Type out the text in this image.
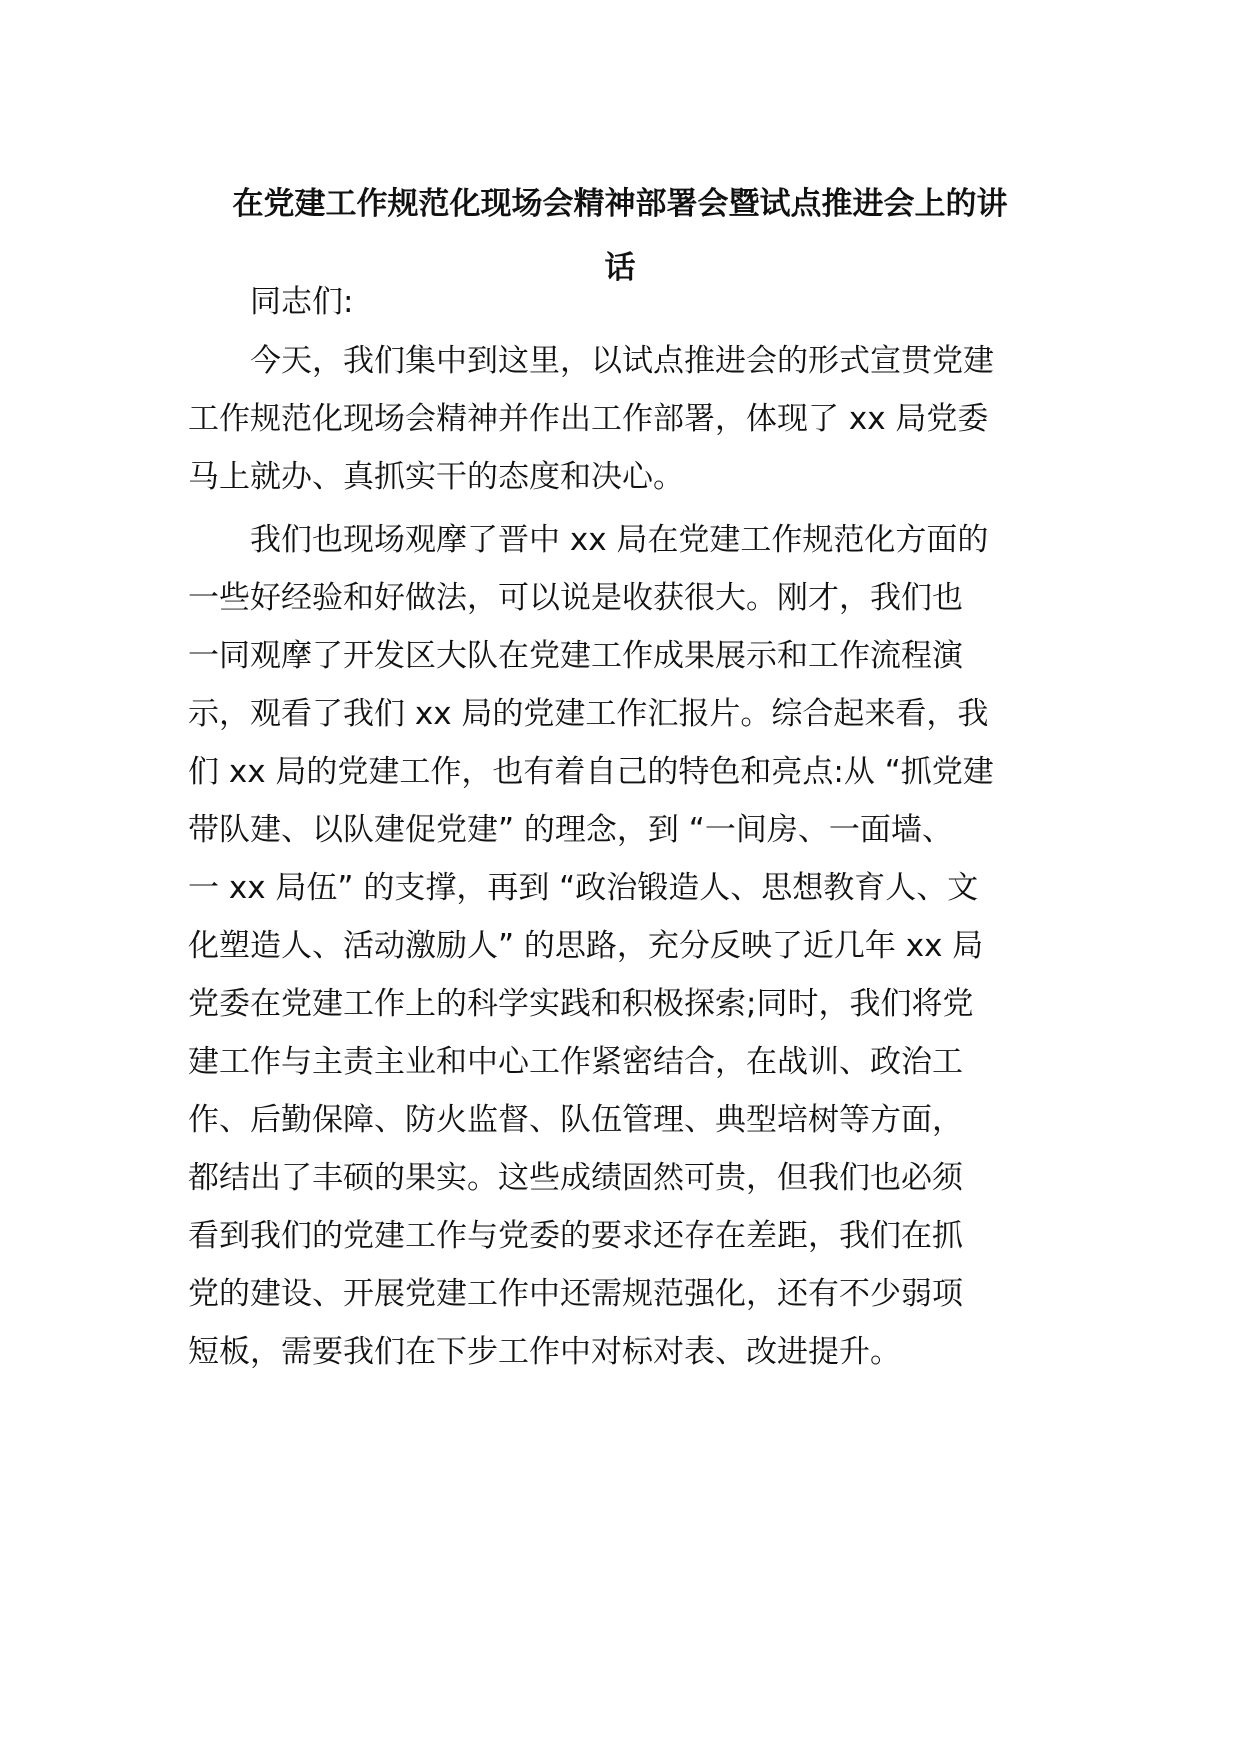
在党建工作规范化现场会精神部署会暨试点推进会上的讲
话

　　同志们:

　　今天，我们集中到这里，以试点推进会的形式宣贯党建

工作规范化现场会精神并作出工作部署，体现了 xx 局党委

马上就办、真抓实干的态度和决心。

　　我们也现场观摩了晋中 xx 局在党建工作规范化方面的

一些好经验和好做法，可以说是收获很大。刚才，我们也

一同观摩了开发区大队在党建工作成果展示和工作流程演

示，观看了我们 xx 局的党建工作汇报片。综合起来看，我

们 xx 局的党建工作，也有着自己的特色和亮点:从 “抓党建

带队建、以队建促党建” 的理念，到 “一间房、一面墙、

一 xx 局伍” 的支撑，再到 “政治锻造人、思想教育人、文

化塑造人、活动激励人” 的思路，充分反映了近几年 xx 局

党委在党建工作上的科学实践和积极探索;同时，我们将党

建工作与主责主业和中心工作紧密结合，在战训、政治工

作、后勤保障、防火监督、队伍管理、典型培树等方面，

都结出了丰硕的果实。这些成绩固然可贵，但我们也必须

看到我们的党建工作与党委的要求还存在差距，我们在抓

党的建设、开展党建工作中还需规范强化，还有不少弱项

短板，需要我们在下步工作中对标对表、改进提升。
